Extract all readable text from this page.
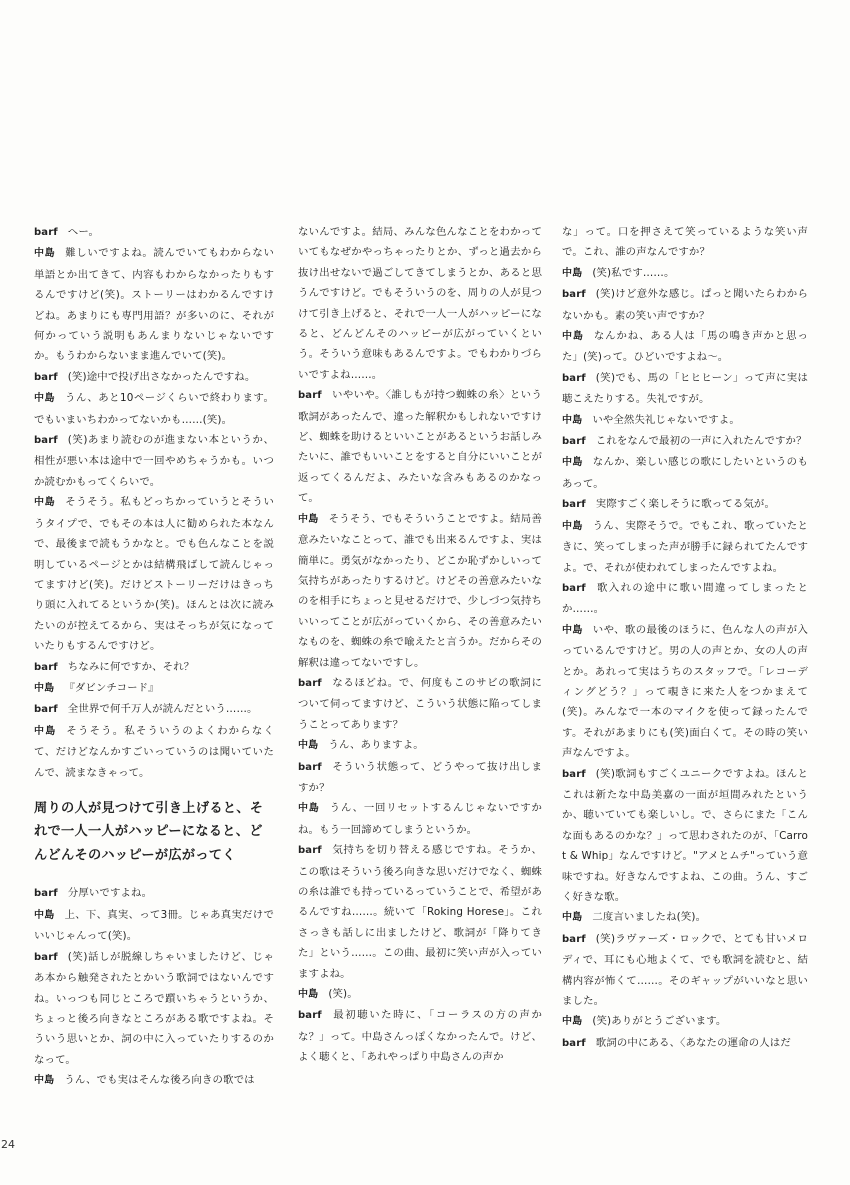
barf へー。

中島 難しいですよね。読んでいてもわからない単語とか出てきて、内容もわからなかったりもするんですけど(笑)。ストーリーはわかるんですけどね。あまりにも専門用語？が多いのに、それが何かっていう説明もあんまりないじゃないですか。もうわからないまま進んでいて(笑)。

barf (笑)途中で投げ出さなかったんですね。

中島 うん、あと10ページくらいで終わります。でもいまいちわかってないかも……(笑)。

barf (笑)あまり読むのが進まない本というか、相性が悪い本は途中で一回やめちゃうかも。いつか読むかもってくらいで。

中島 そうそう。私もどっちかっていうとそういうタイプで、でもその本は人に勧められた本なんで、最後まで読もうかなと。でも色んなことを説明しているページとかは結構飛ばして読んじゃってますけど(笑)。だけどストーリーだけはきっちり頭に入れてるというか(笑)。ほんとは次に読みたいのが控えてるから、実はそっちが気になっていたりもするんですけど。

barf ちなみに何ですか、それ？

中島 『ダビンチコード』

barf 全世界で何千万人が読んだという……。

中島 そうそう。私そういうのよくわからなくて、だけどなんかすごいっていうのは聞いていたんで、読まなきゃって。

周りの人が見つけて引き上げると、それで一人一人がハッピーになると、どんどんそのハッピーが広がってく

barf 分厚いですよね。

中島 上、下、真実、って3冊。じゃあ真実だけでいいじゃんって(笑)。

barf (笑)話しが脱線しちゃいましたけど、じゃあ本から触発されたとかいう歌詞ではないんですね。いっつも同じところで躓いちゃうというか、ちょっと後ろ向きなところがある歌ですよね。そういう思いとか、詞の中に入っていたりするのかなって。

中島 うん、でも実はそんな後ろ向きの歌では

ないんですよ。結局、みんな色んなことをわかっていてもなぜかやっちゃったりとか、ずっと過去から抜け出せないで過ごしてきてしまうとか、あると思うんですけど。でもそういうのを、周りの人が見つけて引き上げると、それで一人一人がハッピーになると、どんどんそのハッピーが広がっていくという。そういう意味もあるんですよ。でもわかりづらいですよね……。

barf いやいや。〈誰しもが持つ蜘蛛の糸〉という歌詞があったんで、違った解釈かもしれないですけど、蜘蛛を助けるといいことがあるというお話しみたいに、誰でもいいことをすると自分にいいことが返ってくるんだよ、みたいな含みもあるのかなって。

中島 そうそう、でもそういうことですよ。結局善意みたいなことって、誰でも出来るんですよ、実は簡単に。勇気がなかったり、どこか恥ずかしいって気持ちがあったりするけど。けどその善意みたいなのを相手にちょっと見せるだけで、少しづつ気持ちいいってことが広がっていくから、その善意みたいなものを、蜘蛛の糸で喩えたと言うか。だからその解釈は違ってないですし。

barf なるほどね。で、何度もこのサビの歌詞について伺ってますけど、こういう状態に陥ってしまうことってあります？

中島 うん、ありますよ。

barf そういう状態って、どうやって抜け出しますか？

中島 うん、一回リセットするんじゃないですかね。もう一回諦めてしまうというか。

barf 気持ちを切り替える感じですね。そうか、この歌はそういう後ろ向きな思いだけでなく、蜘蛛の糸は誰でも持っているっていうことで、希望があるんですね……。続いて「Roking Horese」。これさっきも話しに出ましたけど、歌詞が「降りてきた」という……。この曲、最初に笑い声が入っていますよね。

中島 (笑)。

barf 最初聴いた時に、「コーラスの方の声かな？」って。中島さんっぽくなかったんで。けど、よく聴くと、「あれやっぱり中島さんの声か

な」って。口を押さえて笑っているような笑い声で。これ、誰の声なんですか？

中島 (笑)私です……。

barf (笑)けど意外な感じ。ぱっと聞いたらわからないかも。素の笑い声ですか？

中島 なんかね、ある人は「馬の鳴き声かと思った」(笑)って。ひどいですよね〜。

barf (笑)でも、馬の「ヒヒヒーン」って声に実は聴こえたりする。失礼ですが。

中島 いや全然失礼じゃないですよ。

barf これをなんで最初の一声に入れたんですか？

中島 なんか、楽しい感じの歌にしたいというのもあって。

barf 実際すごく楽しそうに歌ってる気が。

中島 うん、実際そうで。でもこれ、歌っていたときに、笑ってしまった声が勝手に録られてたんですよ。で、それが使われてしまったんですよね。

barf 歌入れの途中に歌い間違ってしまったとか……。

中島 いや、歌の最後のほうに、色んな人の声が入っているんですけど。男の人の声とか、女の人の声とか。あれって実はうちのスタッフで。「レコーディングどう？」って覗きに来た人をつかまえて(笑)。みんなで一本のマイクを使って録ったんです。それがあまりにも(笑)面白くて。その時の笑い声なんですよ。

barf (笑)歌詞もすごくユニークですよね。ほんとこれは新たな中島美嘉の一面が垣間みれたというか、聴いていても楽しいし。で、さらにまた「こんな面もあるのかな？」って思わされたのが、「Carrot & Whip」なんですけど。"アメとムチ"っていう意味ですね。好きなんですよね、この曲。うん、すごく好きな歌。

中島 二度言いましたね(笑)。

barf (笑)ラヴァーズ・ロックで、とても甘いメロディで、耳にも心地よくて、でも歌詞を読むと、結構内容が怖くて……。そのギャップがいいなと思いました。

中島 (笑)ありがとうございます。

barf 歌詞の中にある、〈あなたの運命の人はだ

24
